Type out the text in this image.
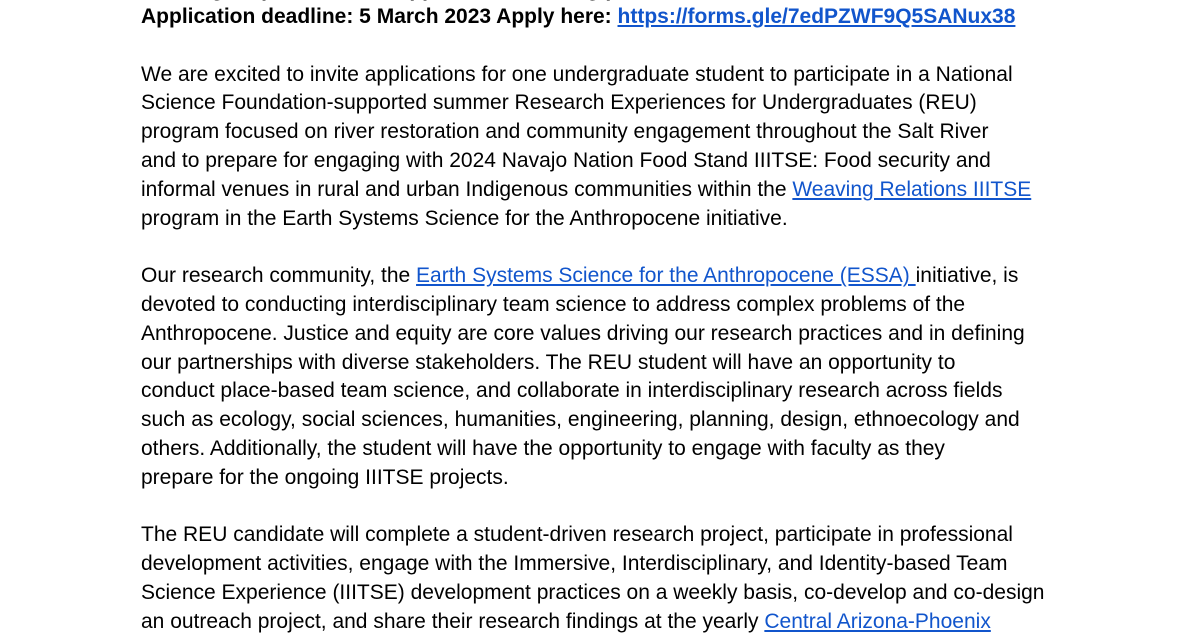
Application deadline: 5 March 2023 Apply here: https://forms.gle/7edPZWF9Q5SANux38
We are excited to invite applications for one undergraduate student to participate in a National
Science Foundation-supported summer Research Experiences for Undergraduates (REU)
program focused on river restoration and community engagement throughout the Salt River
and to prepare for engaging with 2024 Navajo Nation Food Stand IIITSE: Food security and
informal venues in rural and urban Indigenous communities within the Weaving Relations IIITSE
program in the Earth Systems Science for the Anthropocene initiative.
Our research community, the Earth Systems Science for the Anthropocene (ESSA) initiative, is
devoted to conducting interdisciplinary team science to address complex problems of the
Anthropocene. Justice and equity are core values driving our research practices and in defining
our partnerships with diverse stakeholders. The REU student will have an opportunity to
conduct place-based team science, and collaborate in interdisciplinary research across fields
such as ecology, social sciences, humanities, engineering, planning, design, ethnoecology and
others. Additionally, the student will have the opportunity to engage with faculty as they
prepare for the ongoing IIITSE projects.
The REU candidate will complete a student-driven research project, participate in professional
development activities, engage with the Immersive, Interdisciplinary, and Identity-based Team
Science Experience (IIITSE) development practices on a weekly basis, co-develop and co-design
an outreach project, and share their research findings at the yearly Central Arizona-Phoenix
